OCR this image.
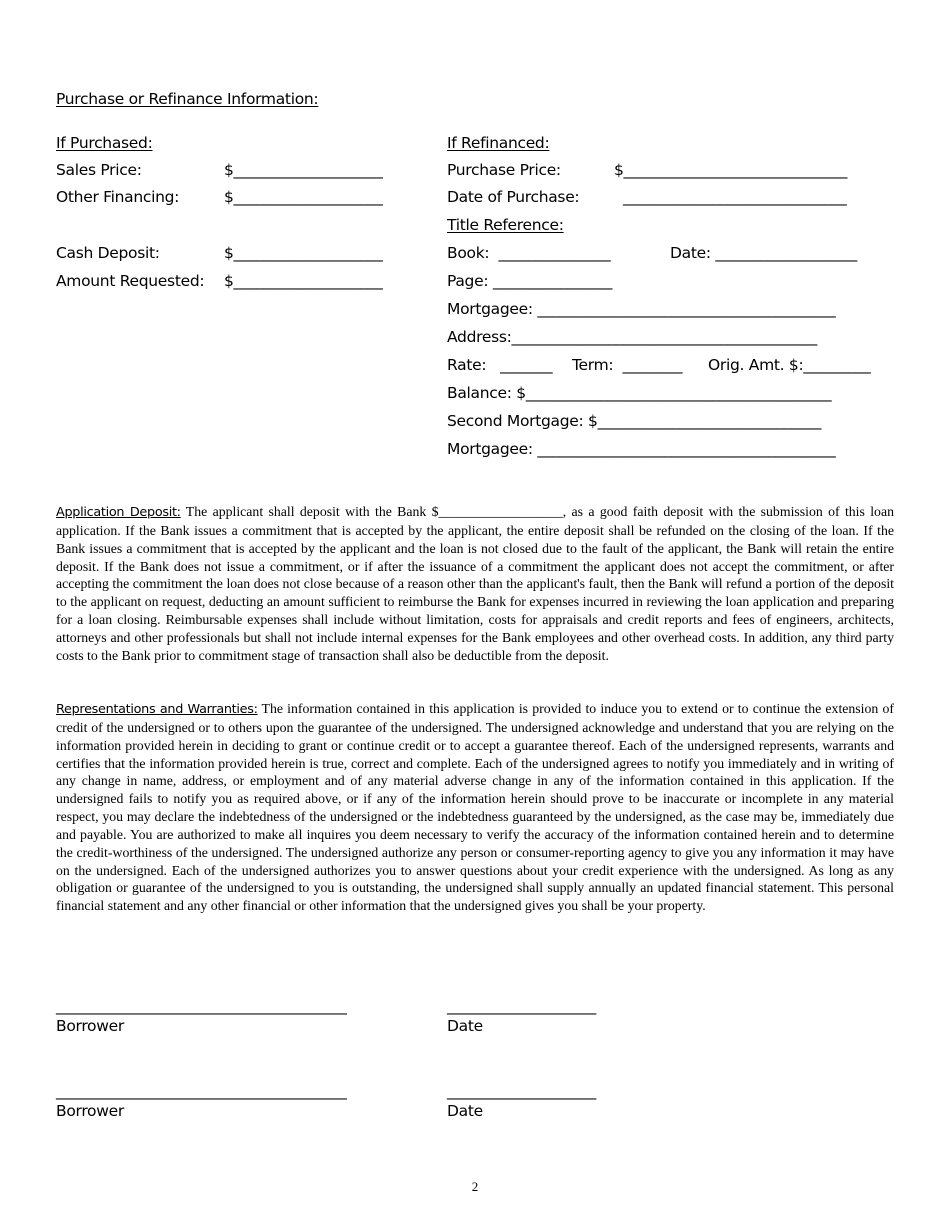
Purchase or Refinance Information:
If Purchased:
Sales Price:	$____________________
Other Financing:	$____________________
Cash Deposit:	$____________________
Amount Requested: $____________________
If Refinanced:
Purchase Price:	$______________________________
Date of Purchase:	______________________________
Title Reference:
Book:  _______________	Date: ___________________
Page: ________________
Mortgagee: ________________________________________
Address:_________________________________________
Rate:   _______ Term:  ________ Orig. Amt. $:_________
Balance: $_________________________________________
Second Mortgage: $______________________________
Mortgagee: ________________________________________
Application Deposit: The applicant shall deposit with the Bank $__________________, as a good faith deposit with the submission of this loan application. If the Bank issues a commitment that is accepted by the applicant, the entire deposit shall be refunded on the closing of the loan. If the Bank issues a commitment that is accepted by the applicant and the loan is not closed due to the fault of the applicant, the Bank will retain the entire deposit. If the Bank does not issue a commitment, or if after the issuance of a commitment the applicant does not accept the commitment, or after accepting the commitment the loan does not close because of a reason other than the applicant's fault, then the Bank will refund a portion of the deposit to the applicant on request, deducting an amount sufficient to reimburse the Bank for expenses incurred in reviewing the loan application and preparing for a loan closing. Reimbursable expenses shall include without limitation, costs for appraisals and credit reports and fees of engineers, architects, attorneys and other professionals but shall not include internal expenses for the Bank employees and other overhead costs. In addition, any third party costs to the Bank prior to commitment stage of transaction shall also be deductible from the deposit.
Representations and Warranties: The information contained in this application is provided to induce you to extend or to continue the extension of credit of the undersigned or to others upon the guarantee of the undersigned. The undersigned acknowledge and understand that you are relying on the information provided herein in deciding to grant or continue credit or to accept a guarantee thereof. Each of the undersigned represents, warrants and certifies that the information provided herein is true, correct and complete. Each of the undersigned agrees to notify you immediately and in writing of any change in name, address, or employment and of any material adverse change in any of the information contained in this application. If the undersigned fails to notify you as required above, or if any of the information herein should prove to be inaccurate or incomplete in any material respect, you may declare the indebtedness of the undersigned or the indebtedness guaranteed by the undersigned, as the case may be, immediately due and payable. You are authorized to make all inquires you deem necessary to verify the accuracy of the information contained herein and to determine the credit-worthiness of the undersigned. The undersigned authorize any person or consumer-reporting agency to give you any information it may have on the undersigned. Each of the undersigned authorizes you to answer questions about your credit experience with the undersigned. As long as any obligation or guarantee of the undersigned to you is outstanding, the undersigned shall supply annually an updated financial statement. This personal financial statement and any other financial or other information that the undersigned gives you shall be your property.
_______________________________________
Borrower
____________________
Date
_______________________________________
Borrower
____________________
Date
2
